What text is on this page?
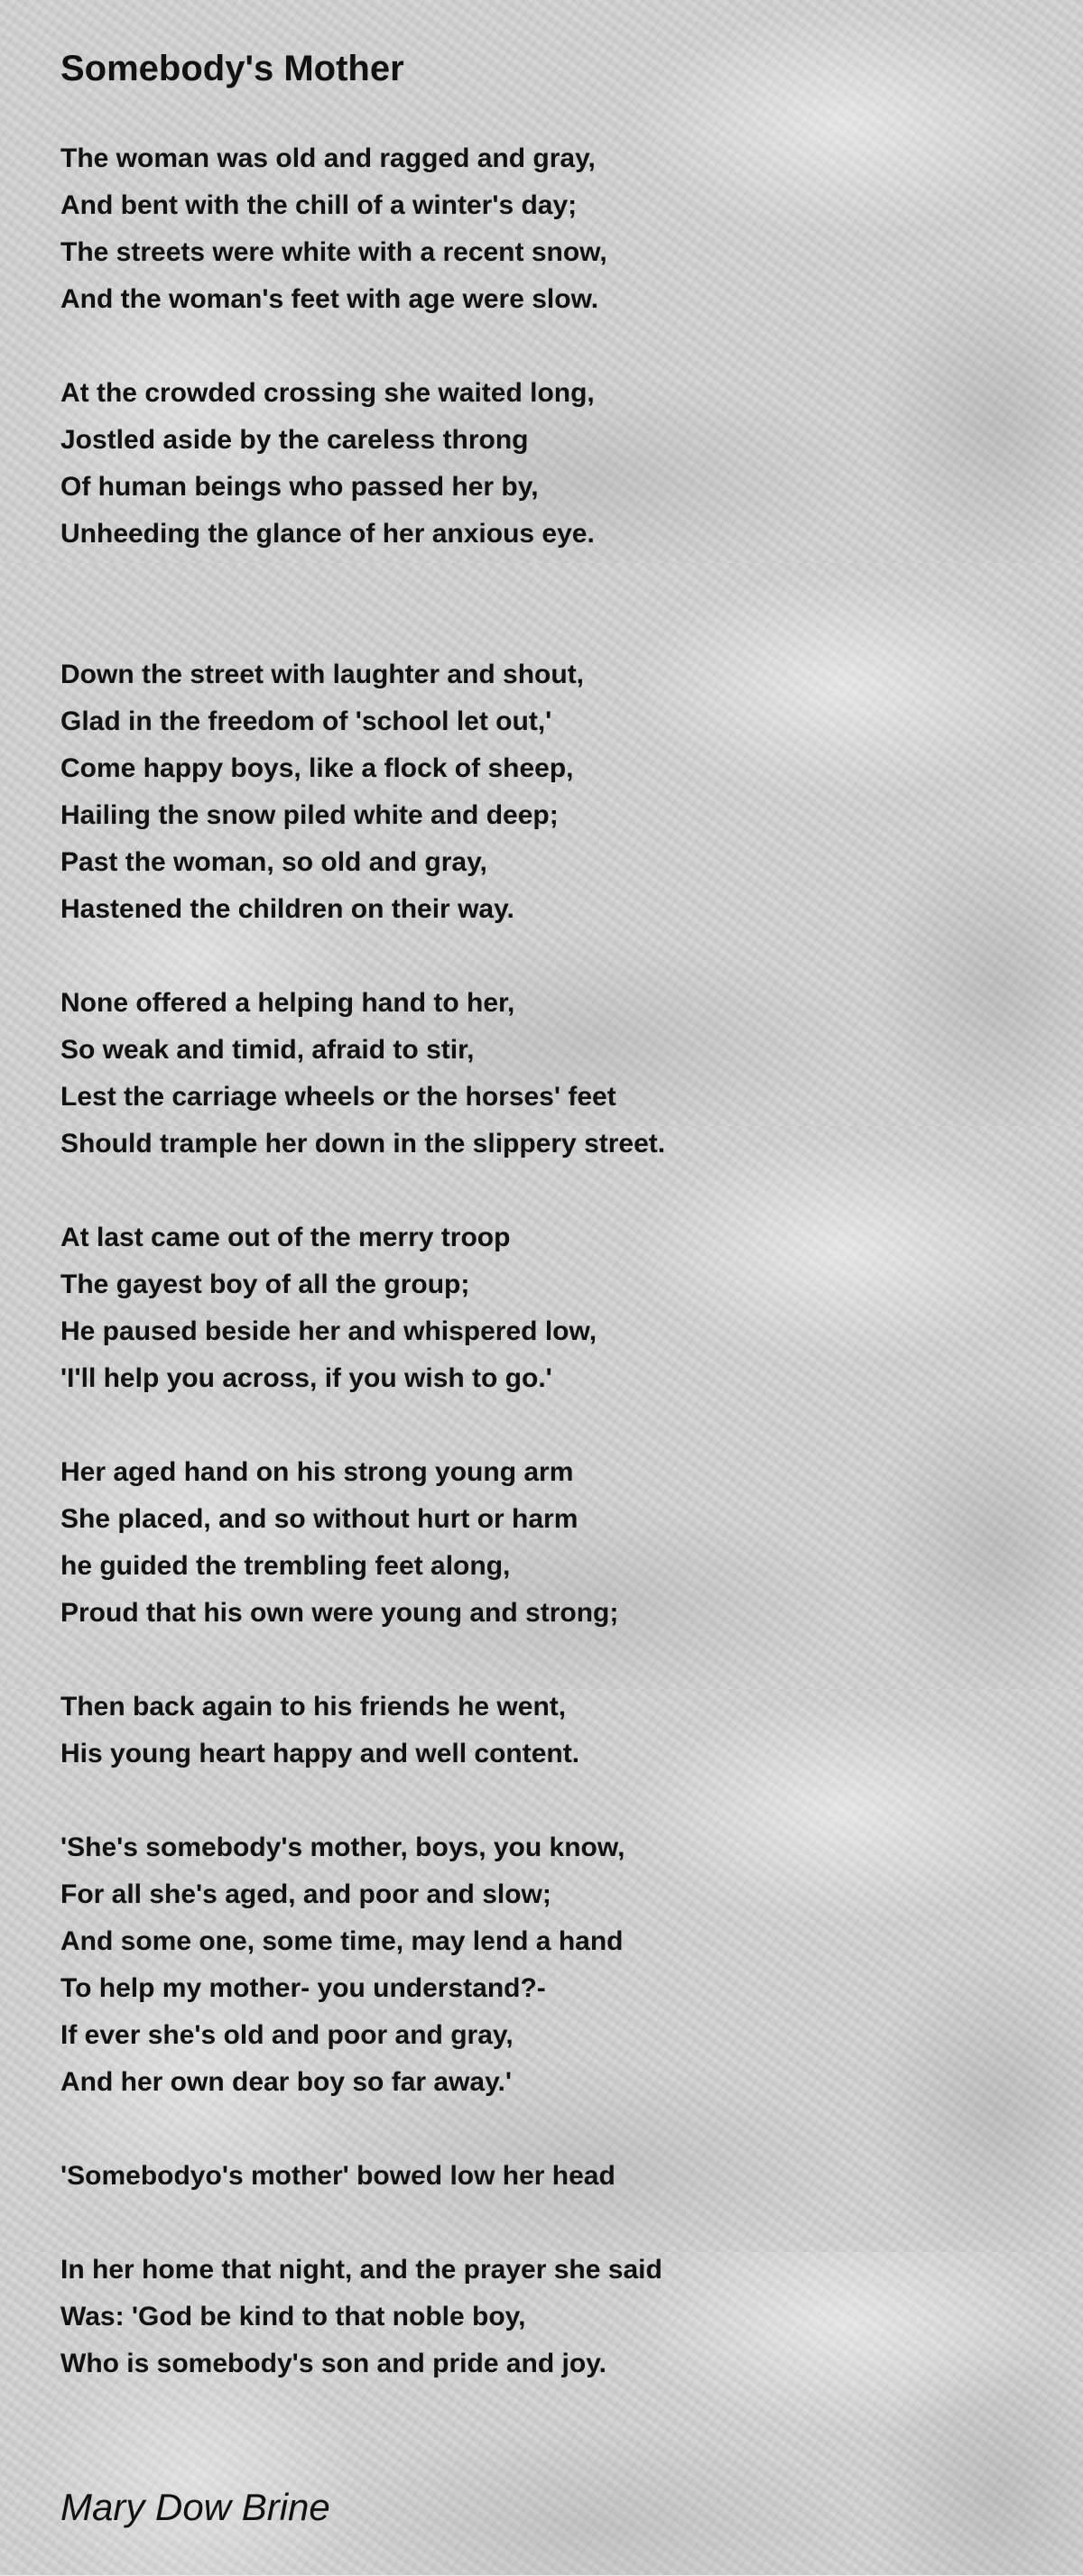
Somebody's Mother
The woman was old and ragged and gray,
And bent with the chill of a winter's day;
The streets were white with a recent snow,
And the woman's feet with age were slow.
At the crowded crossing she waited long,
Jostled aside by the careless throng
Of human beings who passed her by,
Unheeding the glance of her anxious eye.
Down the street with laughter and shout,
Glad in the freedom of 'school let out,'
Come happy boys, like a flock of sheep,
Hailing the snow piled white and deep;
Past the woman, so old and gray,
Hastened the children on their way.
None offered a helping hand to her,
So weak and timid, afraid to stir,
Lest the carriage wheels or the horses' feet
Should trample her down in the slippery street.
At last came out of the merry troop
The gayest boy of all the group;
He paused beside her and whispered low,
'I'll help you across, if you wish to go.'
Her aged hand on his strong young arm
She placed, and so without hurt or harm
he guided the trembling feet along,
Proud that his own were young and strong;
Then back again to his friends he went,
His young heart happy and well content.
'She's somebody's mother, boys, you know,
For all she's aged, and poor and slow;
And some one, some time, may lend a hand
To help my mother- you understand?-
If ever she's old and poor and gray,
And her own dear boy so far away.'
'Somebodyo's mother' bowed low her head
In her home that night, and the prayer she said
Was: 'God be kind to that noble boy,
Who is somebody's son and pride and joy.
Mary Dow Brine
